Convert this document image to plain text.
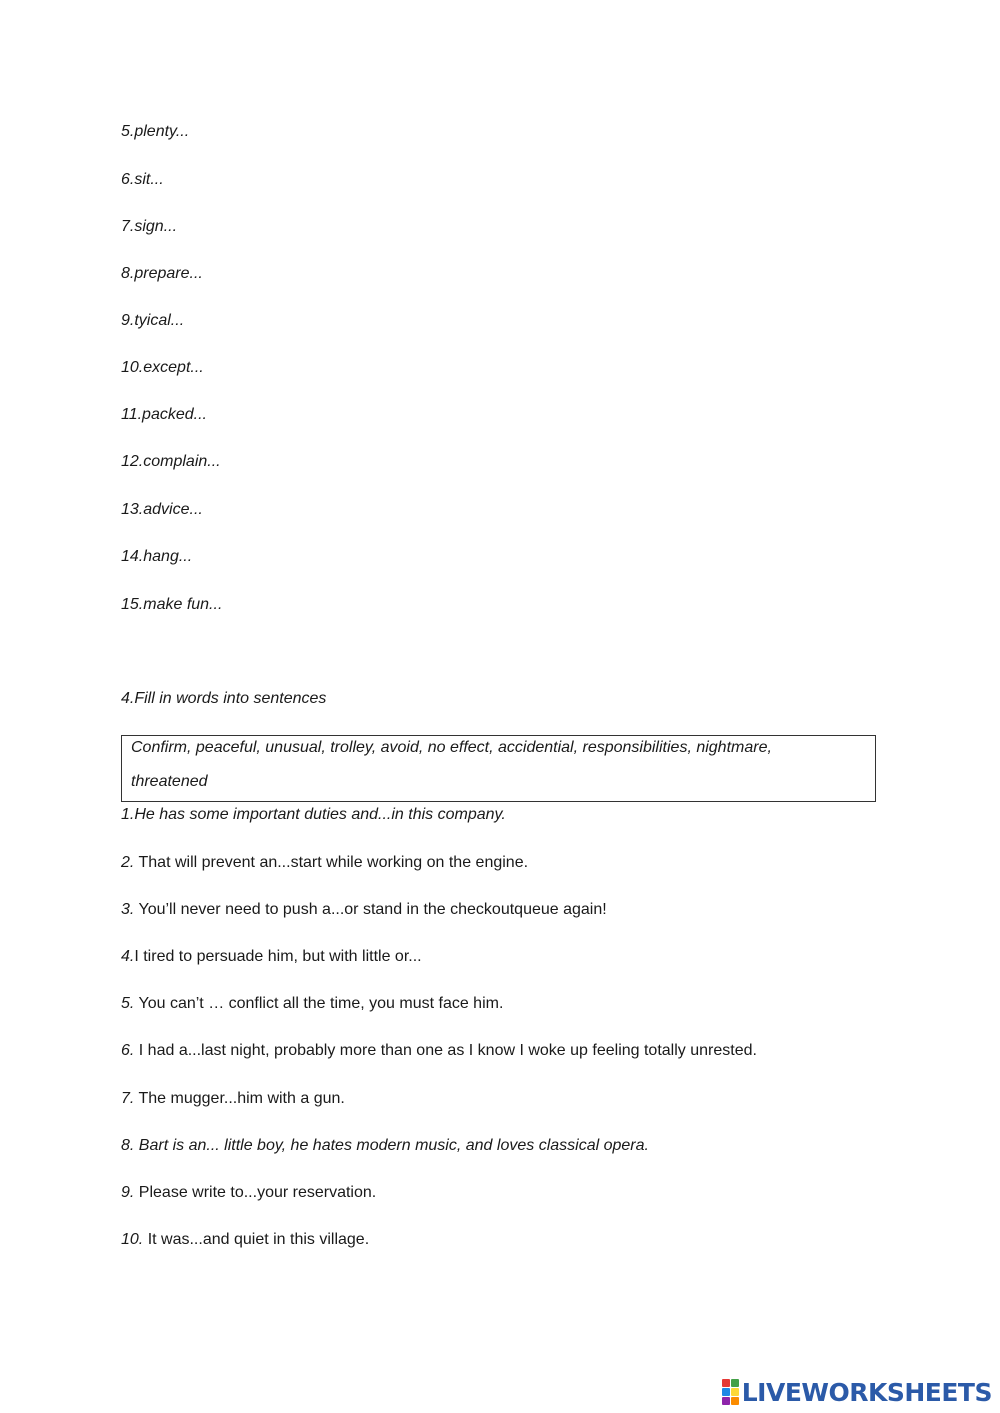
5.plenty...
6.sit...
7.sign...
8.prepare...
9.tyical...
10.except...
11.packed...
12.complain...
13.advice...
14.hang...
15.make fun...
4.Fill in words into sentences
Confirm, peaceful, unusual, trolley, avoid, no effect, accidential, responsibilities, nightmare,
threatened
1.He has some important duties and...in this company.
2. That will prevent an...start while working on the engine.
3. You’ll never need to push a...or stand in the checkoutqueue again!
4.I tired to persuade him, but with little or...
5. You can’t … conflict all the time, you must face him.
6. I had a...last night, probably more than one as I know I woke up feeling totally unrested.
7. The mugger...him with a gun.
8. Bart is an... little boy, he hates modern music, and loves classical opera.
9. Please write to...your reservation.
10. It was...and quiet in this village.
LIVEWORKSHEETS
